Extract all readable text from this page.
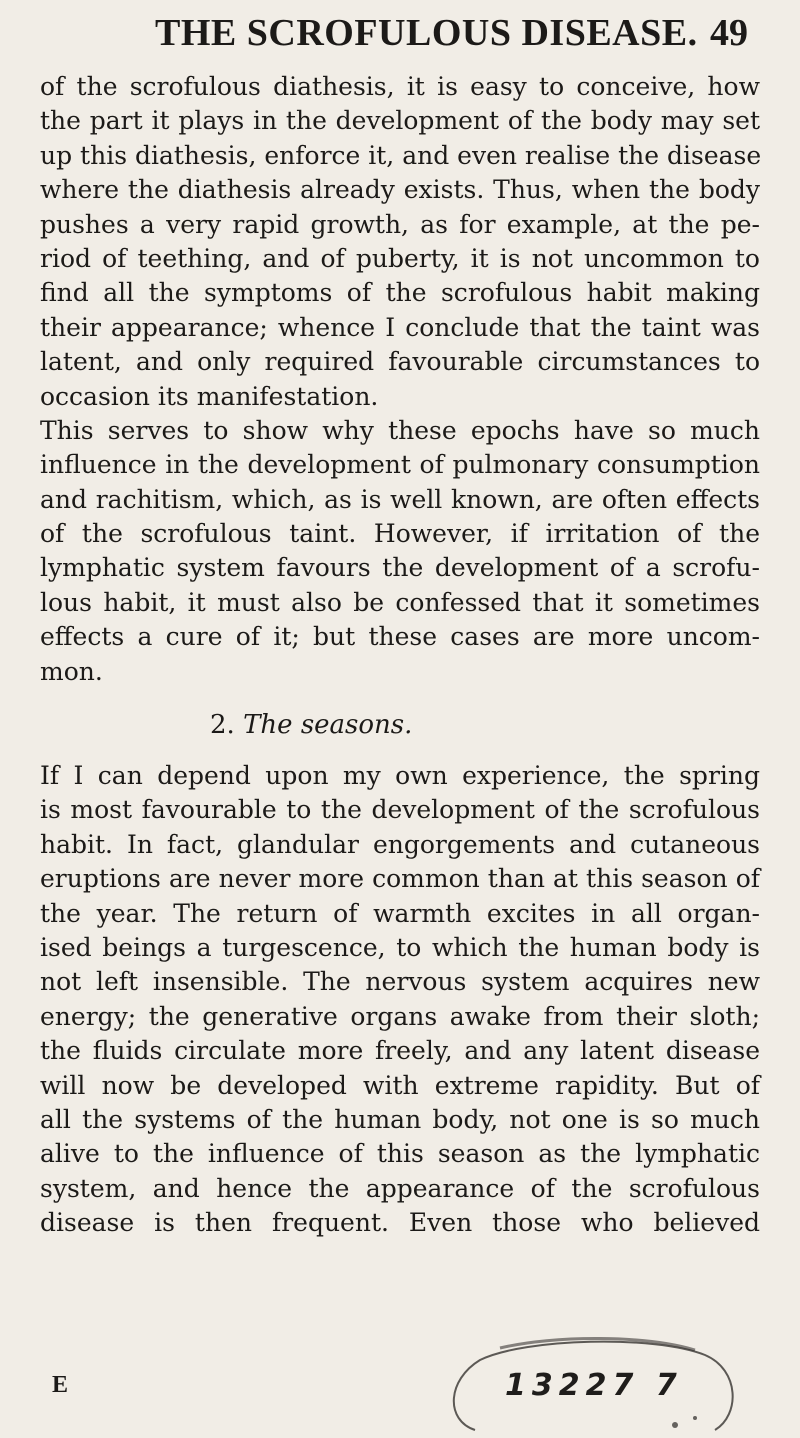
THE SCROFULOUS DISEASE. 49
of the scrofulous diathesis, it is easy to conceive, how
the part it plays in the development of the body may set
up this diathesis, enforce it, and even realise the disease
where the diathesis already exists. Thus, when the body
pushes a very rapid growth, as for example, at the pe-
riod of teething, and of puberty, it is not uncommon to
find all the symptoms of the scrofulous habit making
their appearance; whence I conclude that the taint was
latent, and only required favourable circumstances to
occasion its manifestation.
This serves to show why these epochs have so much
influence in the development of pulmonary consumption
and rachitism, which, as is well known, are often effects
of the scrofulous taint. However, if irritation of the
lymphatic system favours the development of a scrofu-
lous habit, it must also be confessed that it sometimes
effects a cure of it; but these cases are more uncom-
mon.
2. The seasons.
If I can depend upon my own experience, the spring
is most favourable to the development of the scrofulous
habit. In fact, glandular engorgements and cutaneous
eruptions are never more common than at this season of
the year. The return of warmth excites in all organ-
ised beings a turgescence, to which the human body is
not left insensible. The nervous system acquires new
energy; the generative organs awake from their sloth;
the fluids circulate more freely, and any latent disease
will now be developed with extreme rapidity. But of
all the systems of the human body, not one is so much
alive to the influence of this season as the lymphatic
system, and hence the appearance of the scrofulous
disease is then frequent. Even those who believed
E	13227 7
